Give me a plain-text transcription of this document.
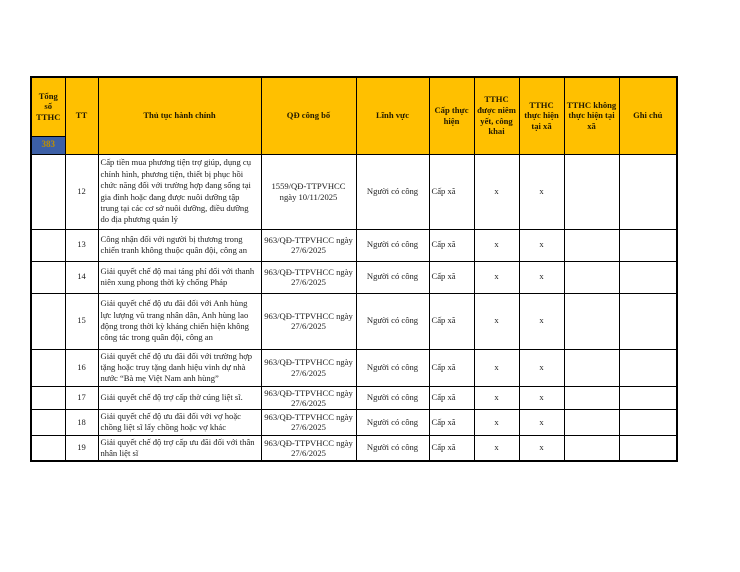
Tổng số TTHC	TT	Thủ tục hành chính	QĐ công bố	Lĩnh vực	Cấp thực hiện	TTHC được niêm yết, công khai	TTHC thực hiện tại xã	TTHC không thực hiện tại xã	Ghi chú
383									
	12	Cấp tiền mua phương tiện trợ giúp, dụng cụ chỉnh hình, phương tiện, thiết bị phục hồi chức năng đối với trường hợp đang sống tại gia đình hoặc đang được nuôi dưỡng tập trung tại các cơ sở nuôi dưỡng, điều dưỡng do địa phương quản lý	1559/QĐ-TTPVHCC ngày 10/11/2025	Người có công	Cấp xã	x	x		
	13	Công nhận đối với người bị thương trong chiến tranh không thuộc quân đội, công an	963/QĐ-TTPVHCC ngày 27/6/2025	Người có công	Cấp xã	x	x		
	14	Giải quyết chế độ mai táng phí đối với thanh niên xung phong thời kỳ chống Pháp	963/QĐ-TTPVHCC ngày 27/6/2025	Người có công	Cấp xã	x	x		
	15	Giải quyết chế độ ưu đãi đối với Anh hùng lực lượng vũ trang nhân dân, Anh hùng lao động trong thời kỳ kháng chiến hiện không công tác trong quân đội, công an	963/QĐ-TTPVHCC ngày 27/6/2025	Người có công	Cấp xã	x	x		
	16	Giải quyết chế độ ưu đãi đối với trường hợp tặng hoặc truy tặng danh hiệu vinh dự nhà nước “Bà mẹ Việt Nam anh hùng”	963/QĐ-TTPVHCC ngày 27/6/2025	Người có công	Cấp xã	x	x		
	17	Giải quyết chế độ trợ cấp thờ cúng liệt sĩ.	963/QĐ-TTPVHCC ngày 27/6/2025	Người có công	Cấp xã	x	x		
	18	Giải quyết chế độ ưu đãi đối với vợ hoặc chồng liệt sĩ lấy chồng hoặc vợ khác	963/QĐ-TTPVHCC ngày 27/6/2025	Người có công	Cấp xã	x	x		
	19	Giải quyết chế độ trợ cấp ưu đãi đối với thân nhân liệt sĩ	963/QĐ-TTPVHCC ngày 27/6/2025	Người có công	Cấp xã	x	x		
